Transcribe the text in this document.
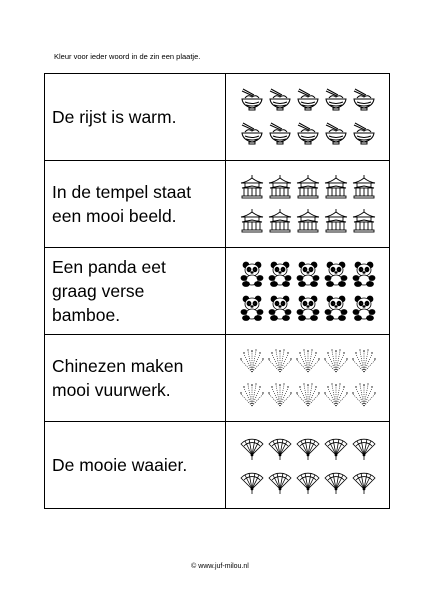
Kleur voor ieder woord in de zin een plaatje.
De rijst is warm.

In de tempel staat
een mooi beeld.

Een panda eet
graag verse
bamboe.

Chinezen maken
mooi vuurwerk.

De mooie waaier.

© www.juf-milou.nl
